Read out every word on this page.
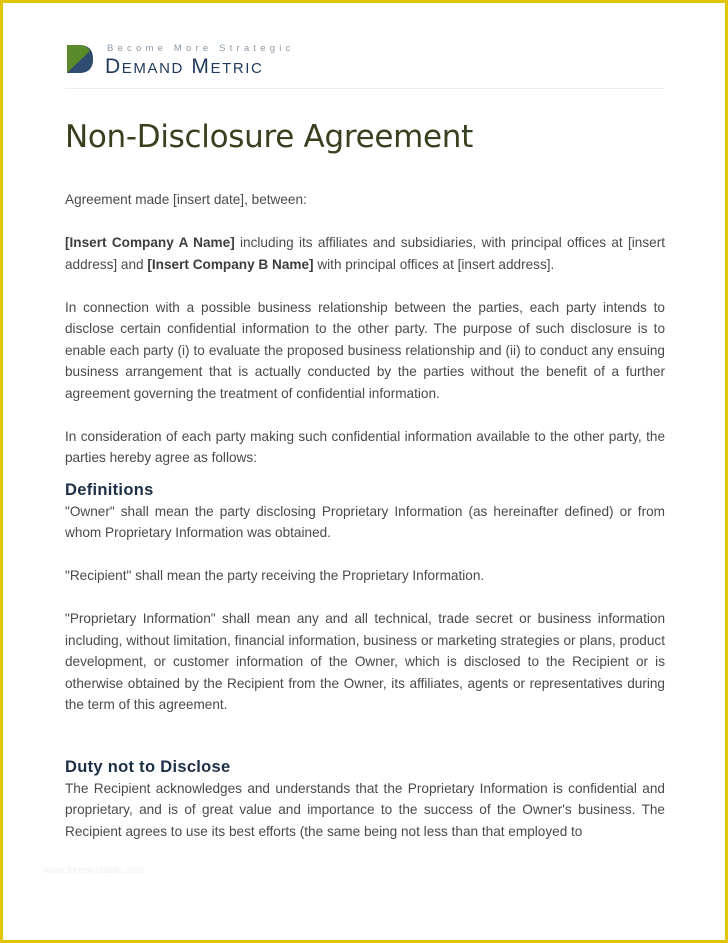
Become More Strategic
Demand Metric
Non-Disclosure Agreement

Agreement made [insert date], between:

[Insert Company A Name] including its affiliates and subsidiaries, with principal offices at [insert address] and [Insert Company B Name] with principal offices at [insert address].

In connection with a possible business relationship between the parties, each party intends to disclose certain confidential information to the other party. The purpose of such disclosure is to enable each party (i) to evaluate the proposed business relationship and (ii) to conduct any ensuing business arrangement that is actually conducted by the parties without the benefit of a further agreement governing the treatment of confidential information.

In consideration of each party making such confidential information available to the other party, the parties hereby agree as follows:

Definitions

"Owner" shall mean the party disclosing Proprietary Information (as hereinafter defined) or from whom Proprietary Information was obtained.

"Recipient" shall mean the party receiving the Proprietary Information.

"Proprietary Information" shall mean any and all technical, trade secret or business information including, without limitation, financial information, business or marketing strategies or plans, product development, or customer information of the Owner, which is disclosed to the Recipient or is otherwise obtained by the Recipient from the Owner, its affiliates, agents or representatives during the term of this agreement.

Duty not to Disclose

The Recipient acknowledges and understands that the Proprietary Information is confidential and proprietary, and is of great value and importance to the success of the Owner's business. The Recipient agrees to use its best efforts (the same being not less than that employed to

www.freeprintable.com
